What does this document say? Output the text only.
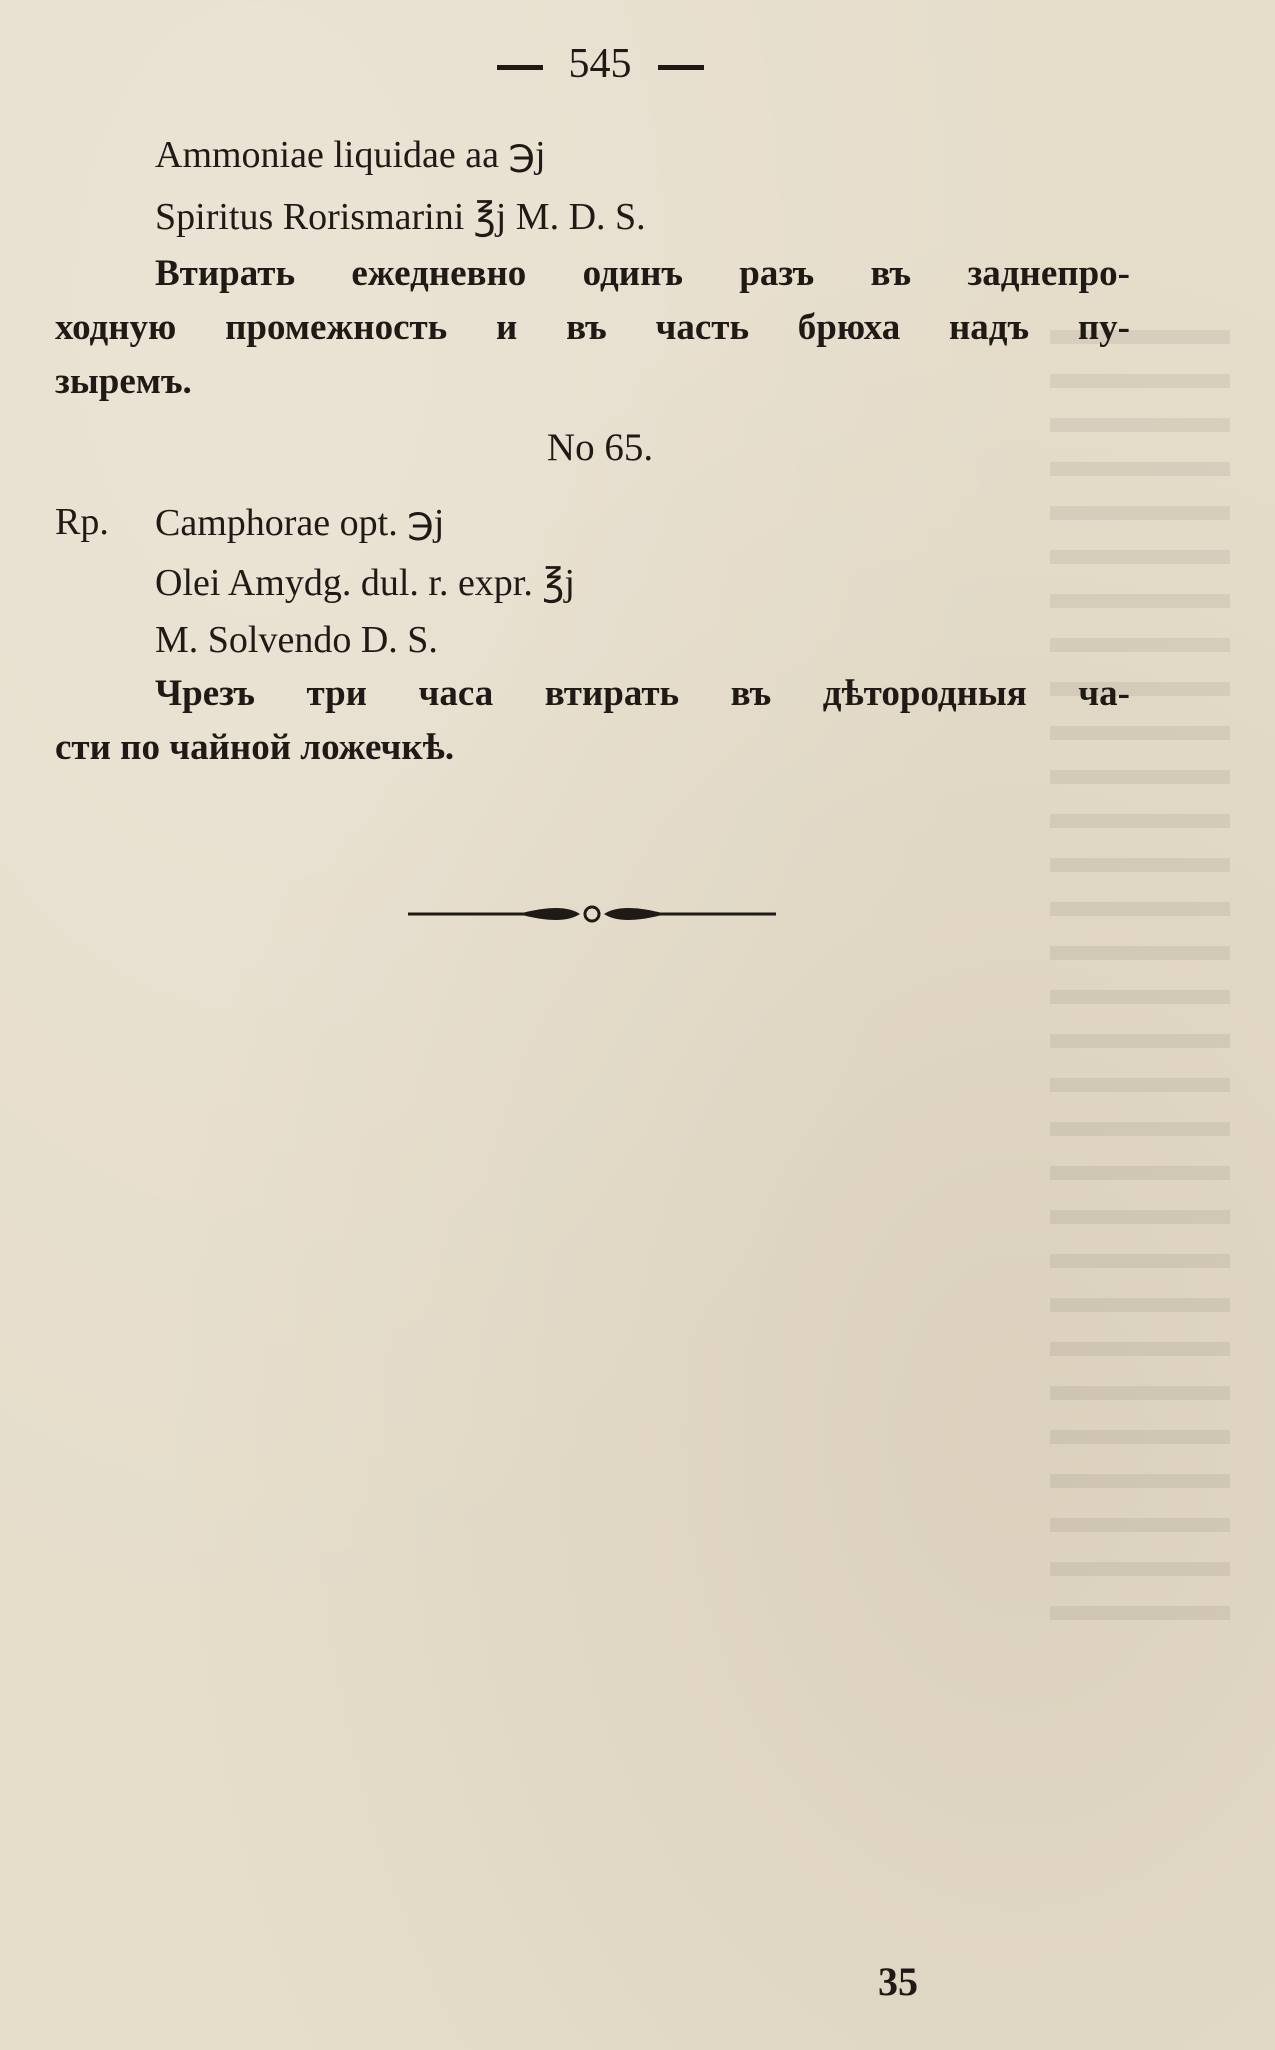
545
Ammoniae liquidae aa ℈j
Spiritus Rorismarini ℥j M. D. S.
Втирать ежедневно одинъ разъ въ заднепро-
ходную промежность и въ часть брюха надъ пу-
зыремъ.
No 65.
Rp. Camphorae opt. ℈j
Olei Amydg. dul. r. expr. ℥j
M. Solvendo D. S.
Чрезъ три часа втирать въ дѣтородныя ча-
сти по чайной ложечкѣ.
35
